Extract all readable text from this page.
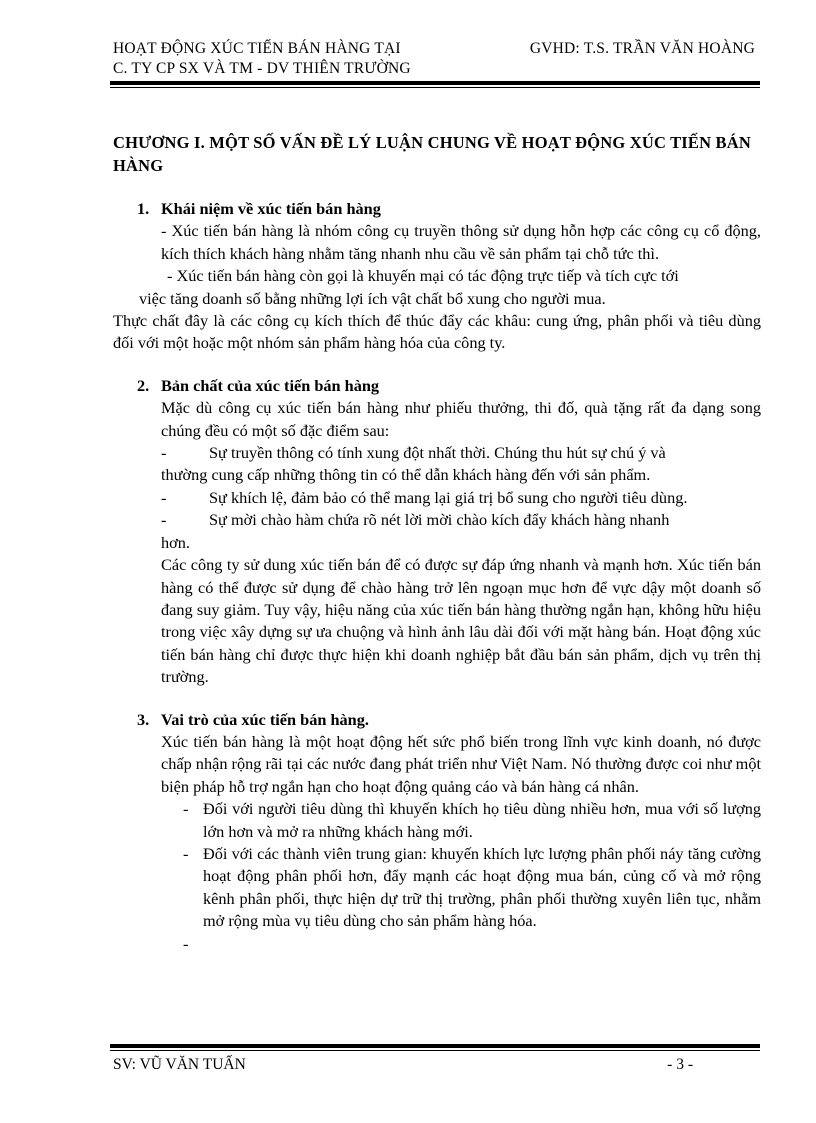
HOẠT ĐỘNG XÚC TIẾN BÁN HÀNG TẠI	GVHD: T.S. TRẦN VĂN HOÀNG
C. TY CP SX VÀ TM - DV THIÊN TRƯỜNG
CHƯƠNG I. MỘT SỐ VẤN ĐỀ LÝ LUẬN CHUNG VỀ HOẠT ĐỘNG XÚC TIẾN BÁN HÀNG
1. Khái niệm về xúc tiến bán hàng

- Xúc tiến bán hàng là nhóm công cụ truyền thông sử dụng hỗn hợp các công cụ cổ động, kích thích khách hàng nhằm tăng nhanh nhu cầu về sản phẩm tại chỗ tức thì.

- Xúc tiến bán hàng còn gọi là khuyến mại có tác động trực tiếp và tích cực tới

việc tăng doanh số bằng những lợi ích vật chất bổ xung cho người mua.

Thực chất đây là các công cụ kích thích để thúc đẩy các khâu: cung ứng, phân phối và tiêu dùng đối với một hoặc một nhóm sản phẩm hàng hóa của công ty.

2. Bản chất của xúc tiến bán hàng

Mặc dù công cụ xúc tiến bán hàng như phiếu thưởng, thi đố, quà tặng rất đa dạng song chúng đều có một số đặc điểm sau:

-	Sự truyền thông có tính xung đột nhất thời. Chúng thu hút sự chú ý và

thường cung cấp những thông tin có thể dẫn khách hàng đến với sản phẩm.

-	Sự khích lệ, đảm bảo có thể mang lại giá trị bổ sung cho người tiêu dùng.
-	Sự mời chào hàm chứa rõ nét lời mời chào kích đẩy khách hàng nhanh

hơn.

Các công ty sử dung xúc tiến bán để có được sự đáp ứng nhanh và mạnh hơn. Xúc tiến bán hàng có thể được sử dụng để chào hàng trở lên ngoạn mục hơn để vực dậy một doanh số đang suy giảm. Tuy vậy, hiệu năng của xúc tiến bán hàng thường ngắn hạn, không hữu hiệu trong việc xây dựng sự ưa chuộng và hình ảnh lâu dài đối với mặt hàng bán. Hoạt động xúc tiến bán hàng chỉ được thực hiện khi doanh nghiệp bắt đầu bán sản phẩm, dịch vụ trên thị trường.

3. Vai trò của xúc tiến bán hàng.

Xúc tiến bán hàng là một hoạt động hết sức phổ biến trong lĩnh vực kinh doanh, nó được chấp nhận rộng rãi tại các nước đang phát triển như Việt Nam. Nó thường được coi như một biện pháp hỗ trợ ngắn hạn cho hoạt động quảng cáo và bán hàng cá nhân.

- Đối với người tiêu dùng thì khuyến khích họ tiêu dùng nhiều hơn, mua với số lượng lớn hơn và mở ra những khách hàng mới.
- Đối với các thành viên trung gian: khuyến khích lực lượng phân phối náy tăng cường hoạt động phân phối hơn, đẩy mạnh các hoạt động mua bán, củng cố và mở rộng kênh phân phối, thực hiện dự trữ thị trường, phân phối thường xuyên liên tục, nhằm mở rộng mùa vụ tiêu dùng cho sản phẩm hàng hóa.
-
SV: VŨ VĂN TUẤN	- 3 -
